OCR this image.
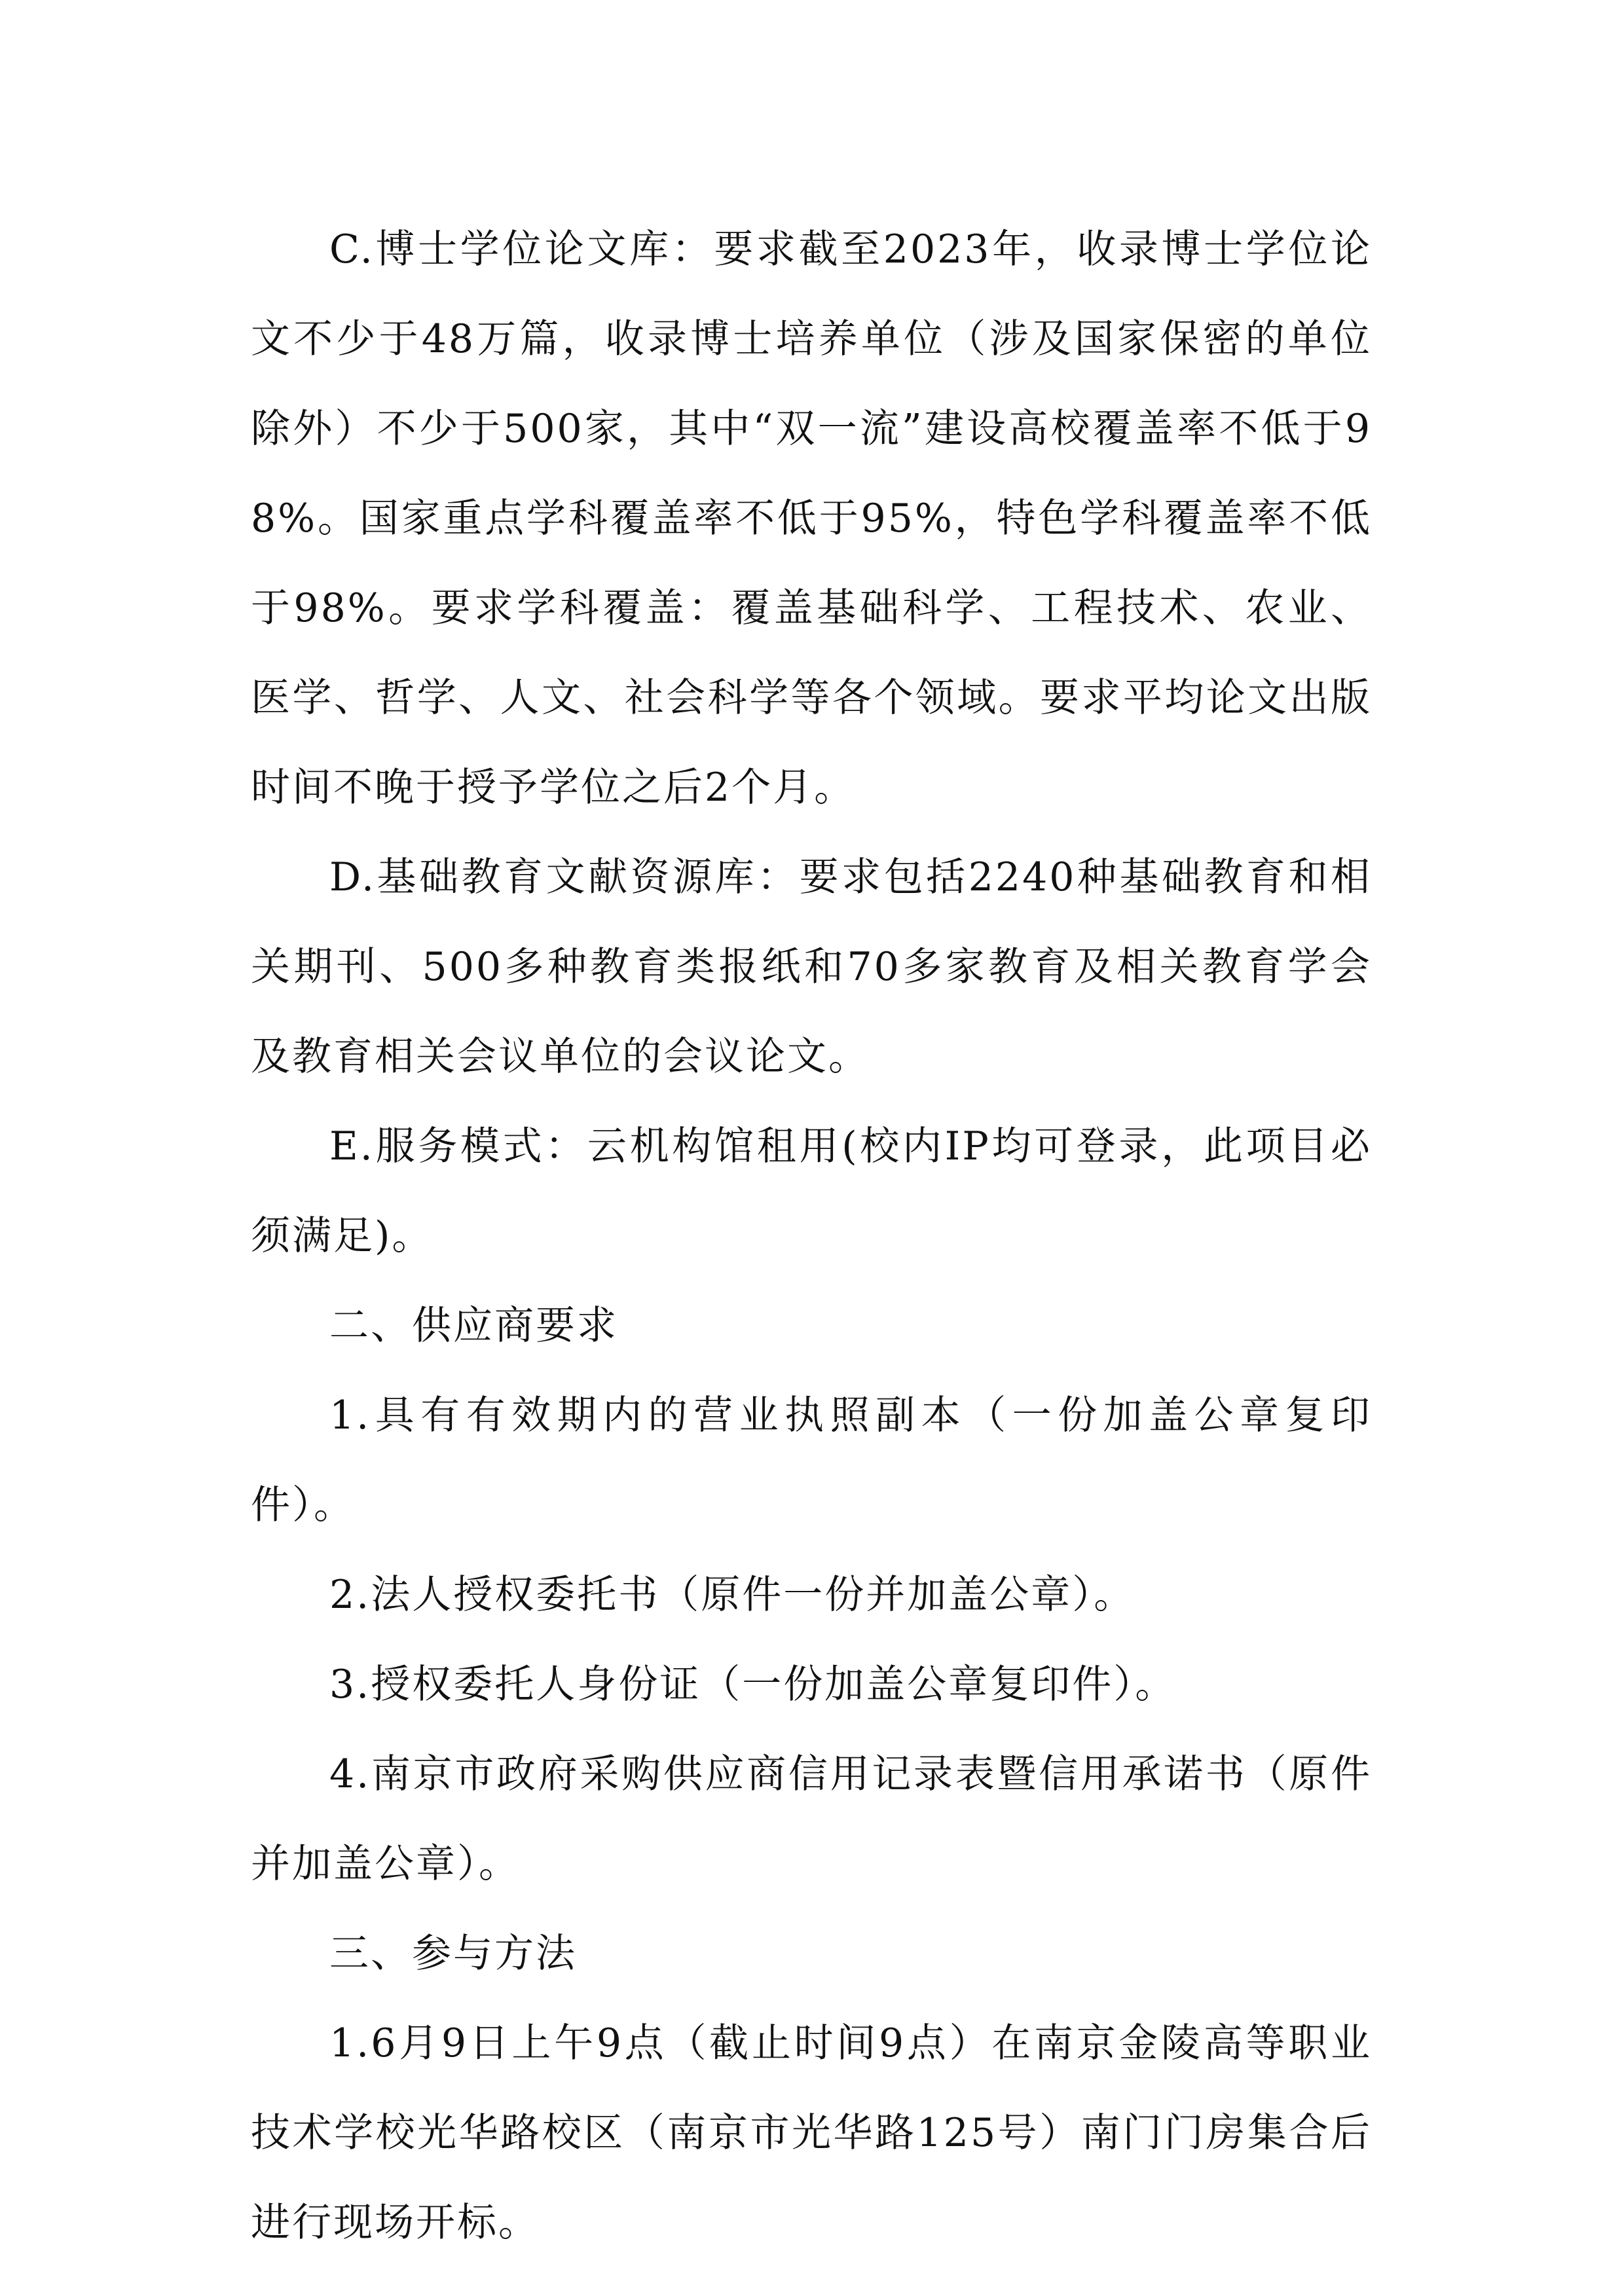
C.博士学位论文库：要求截至2023年，收录博士学位论文不少于48万篇，收录博士培养单位（涉及国家保密的单位除外）不少于500家，其中“双一流”建设高校覆盖率不低于98%。国家重点学科覆盖率不低于95%，特色学科覆盖率不低于98%。要求学科覆盖：覆盖基础科学、工程技术、农业、医学、哲学、人文、社会科学等各个领域。要求平均论文出版时间不晚于授予学位之后2个月。

D.基础教育文献资源库：要求包括2240种基础教育和相关期刊、500多种教育类报纸和70多家教育及相关教育学会及教育相关会议单位的会议论文。

E.服务模式：云机构馆租用(校内IP均可登录，此项目必须满足)。

二、供应商要求

1.具有有效期内的营业执照副本（一份加盖公章复印件）。

2.法人授权委托书（原件一份并加盖公章）。

3.授权委托人身份证（一份加盖公章复印件）。

4.南京市政府采购供应商信用记录表暨信用承诺书（原件并加盖公章）。

三、参与方法

1.6月9日上午9点（截止时间9点）在南京金陵高等职业技术学校光华路校区（南京市光华路125号）南门门房集合后进行现场开标。
